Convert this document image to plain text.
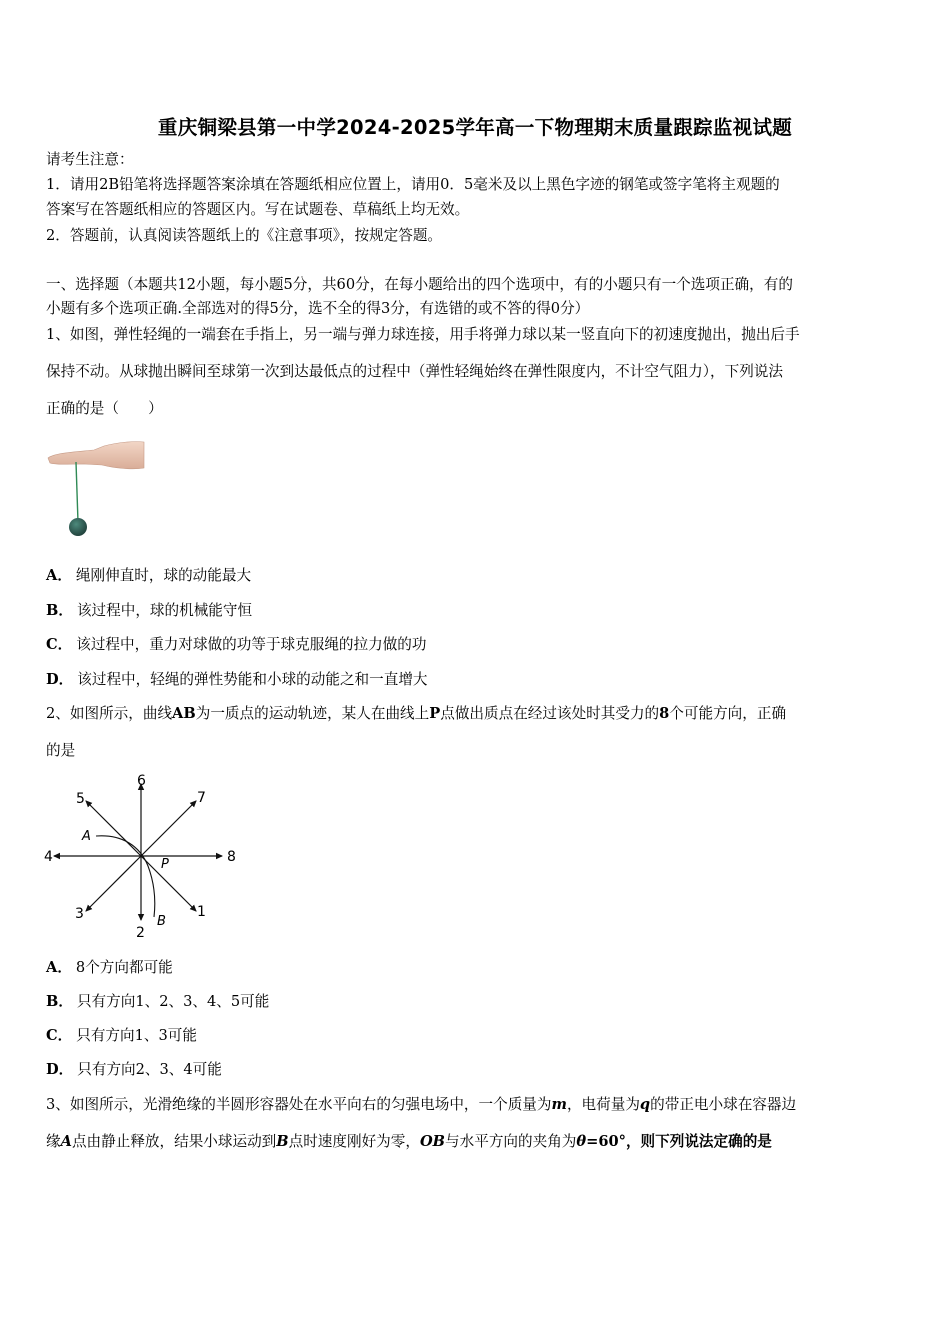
重庆铜梁县第一中学2024-2025学年高一下物理期末质量跟踪监视试题
请考生注意：
1．请用2B铅笔将选择题答案涂填在答题纸相应位置上，请用0．5毫米及以上黑色字迹的钢笔或签字笔将主观题的
答案写在答题纸相应的答题区内。写在试题卷、草稿纸上均无效。
2．答题前，认真阅读答题纸上的《注意事项》，按规定答题。
一、选择题（本题共12小题，每小题5分，共60分，在每小题给出的四个选项中，有的小题只有一个选项正确，有的
小题有多个选项正确.全部选对的得5分，选不全的得3分，有选错的或不答的得0分）
1、如图，弹性轻绳的一端套在手指上，另一端与弹力球连接，用手将弹力球以某一竖直向下的初速度抛出，抛出后手
保持不动。从球抛出瞬间至球第一次到达最低点的过程中（弹性轻绳始终在弹性限度内，不计空气阻力），下列说法
正确的是（　　）
A． 绳刚伸直时，球的动能最大
B． 该过程中，球的机械能守恒
C． 该过程中，重力对球做的功等于球克服绳的拉力做的功
D． 该过程中，轻绳的弹性势能和小球的动能之和一直增大
2、如图所示，曲线AB为一质点的运动轨迹，某人在曲线上P点做出质点在经过该处时其受力的8个可能方向，正确
的是
6
2
4	8
5	7
3	1
A
P
B
A． 8个方向都可能
B． 只有方向1、2、3、4、5可能
C． 只有方向1、3可能
D． 只有方向2、3、4可能
3、如图所示，光滑绝缘的半圆形容器处在水平向右的匀强电场中，一个质量为m，电荷量为q的带正电小球在容器边
缘A点由静止释放，结果小球运动到B点时速度刚好为零，OB与水平方向的夹角为θ=60°，则下列说法定确的是
